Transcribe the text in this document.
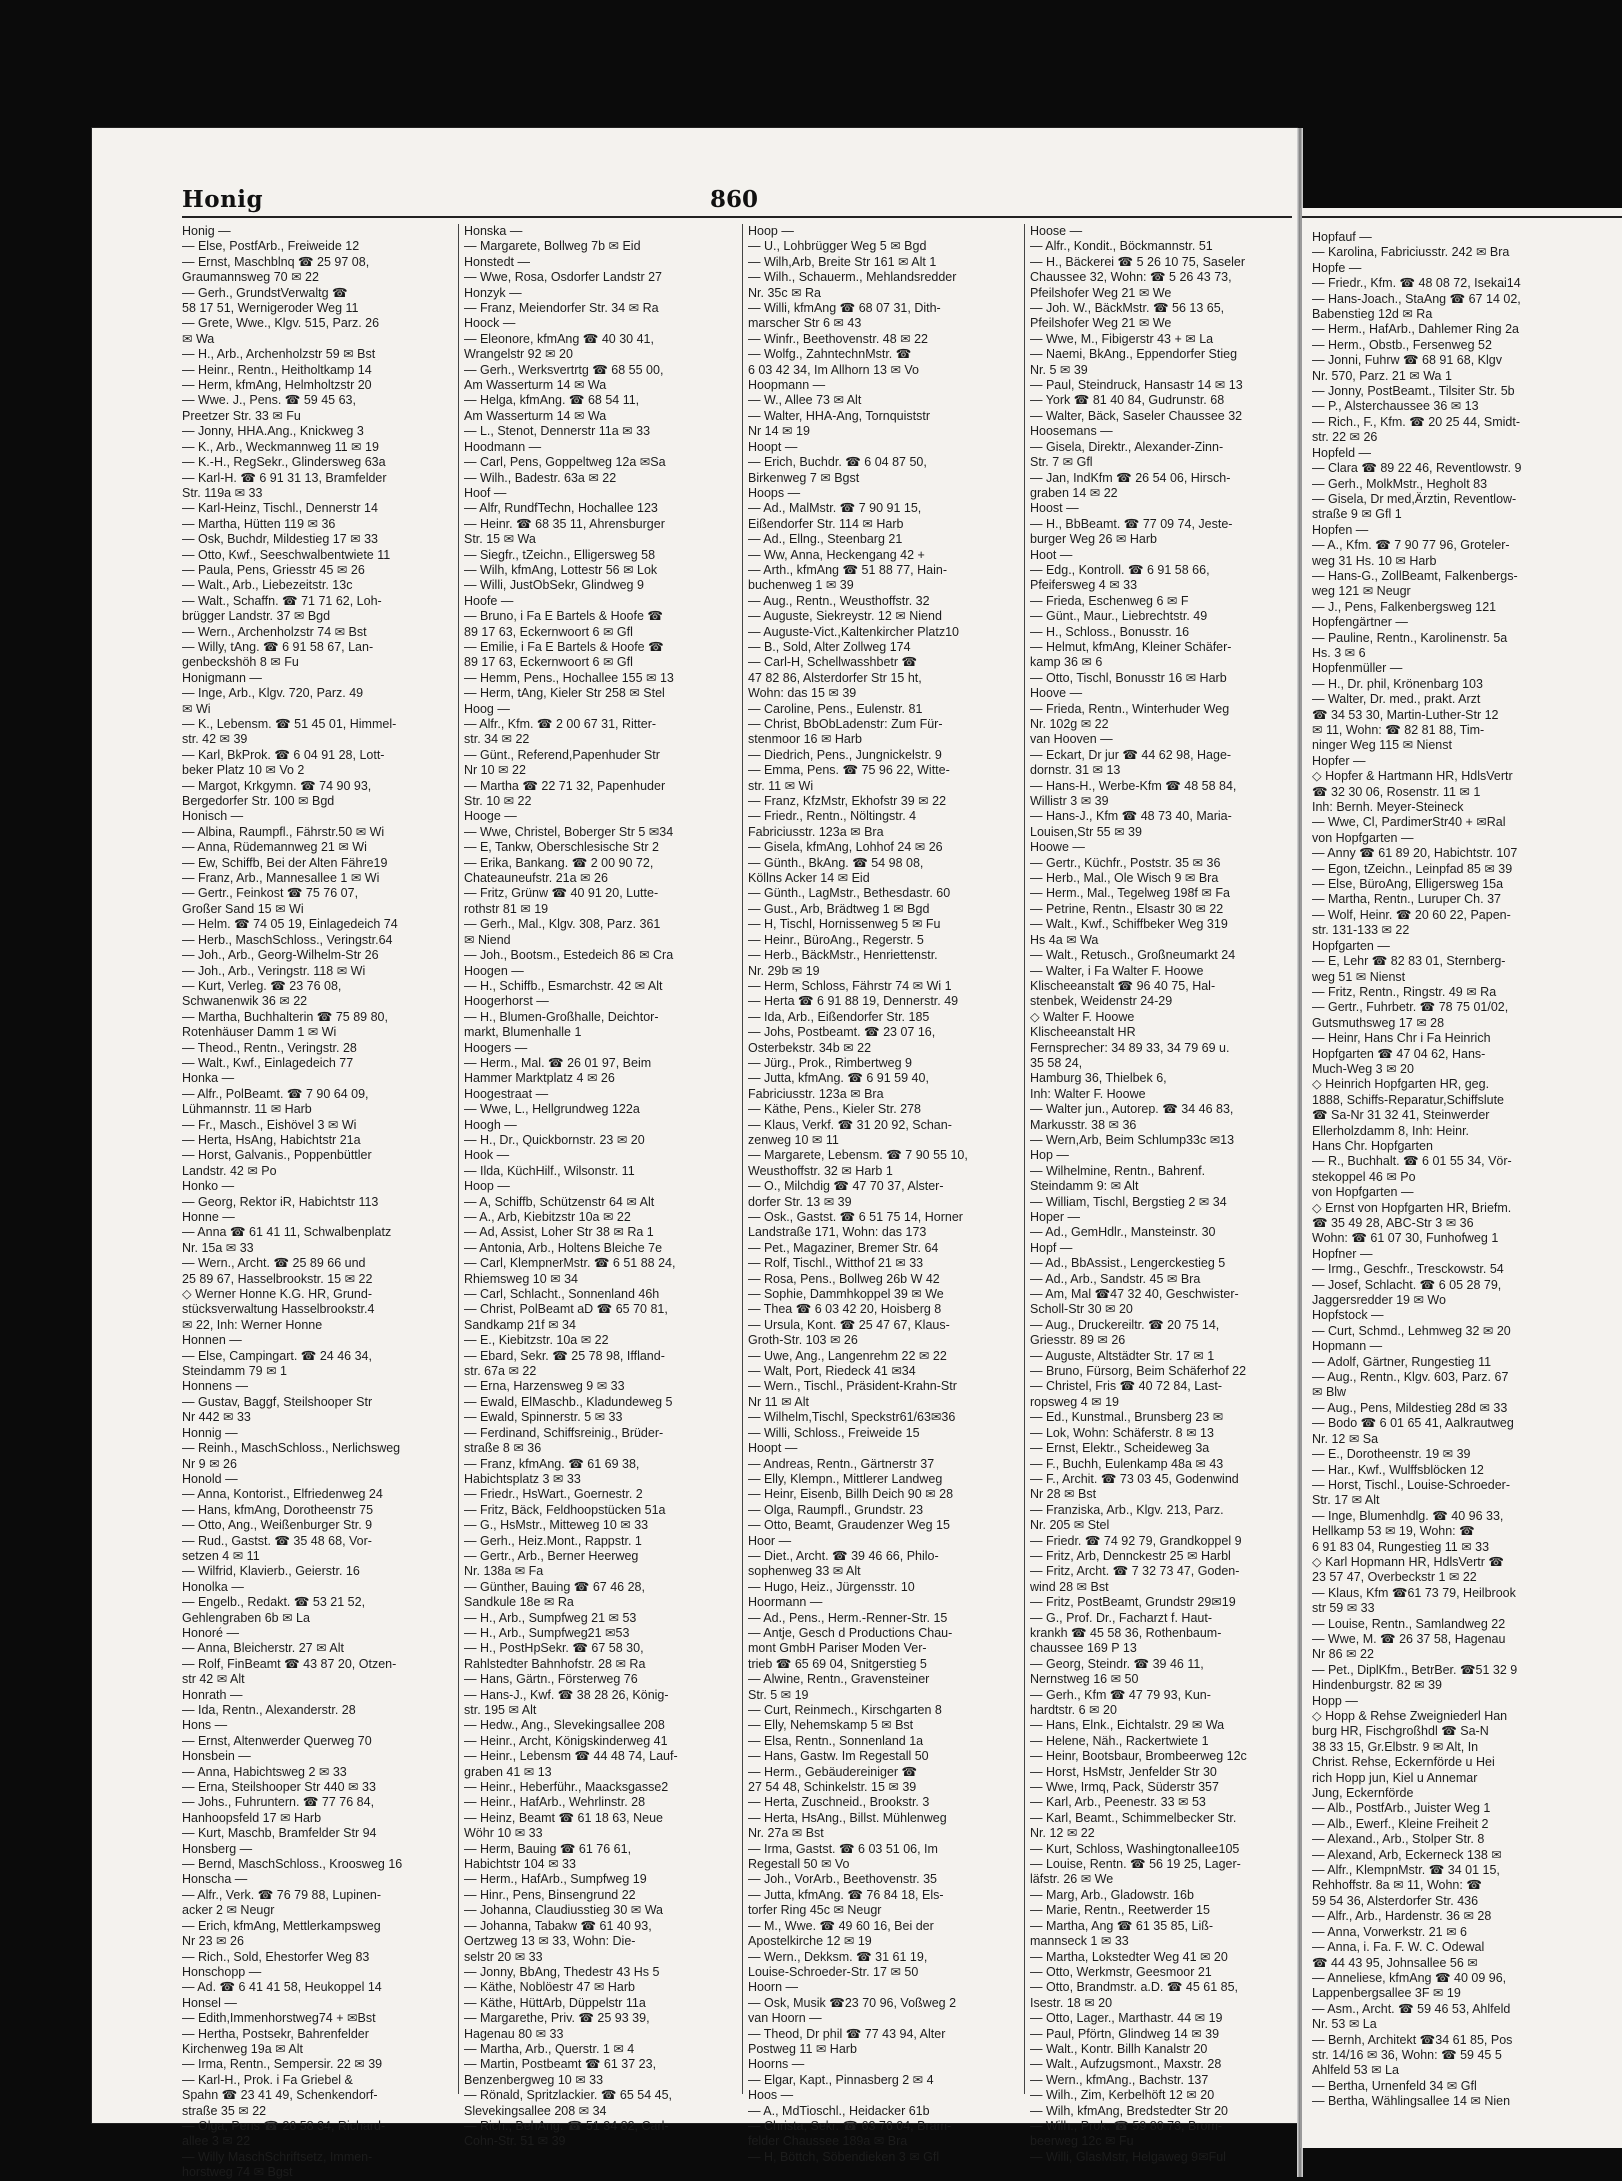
Honig	860
Honig —
— Else, PostfArb., Freiweide 12
— Ernst, Maschblnq ☎ 25 97 08,
Graumannsweg 70 ✉ 22
— Gerh., GrundstVerwaltg ☎
58 17 51, Wernigeroder Weg 11
— Grete, Wwe., Klgv. 515, Parz. 26
✉ Wa
— H., Arb., Archenholzstr 59 ✉ Bst
— Heinr., Rentn., Heitholtkamp 14
— Herm, kfmAng, Helmholtzstr 20
— Wwe. J., Pens. ☎ 59 45 63,
Preetzer Str. 33 ✉ Fu
— Jonny, HHA.Ang., Knickweg 3
— K., Arb., Weckmannweg 11 ✉ 19
— K.-H., RegSekr., Glindersweg 63a
— Karl-H. ☎ 6 91 31 13, Bramfelder
Str. 119a ✉ 33
— Karl-Heinz, Tischl., Dennerstr 14
— Martha, Hütten 119 ✉ 36
— Osk, Buchdr, Mildestieg 17 ✉ 33
— Otto, Kwf., Seeschwalbentwiete 11
— Paula, Pens, Griesstr 45 ✉ 26
— Walt., Arb., Liebezeitstr. 13c
— Walt., Schaffn. ☎ 71 71 62, Loh-
brügger Landstr. 37 ✉ Bgd
— Wern., Archenholzstr 74 ✉ Bst
— Willy, tAng. ☎ 6 91 58 67, Lan-
genbeckshöh 8 ✉ Fu
Honigmann —
— Inge, Arb., Klgv. 720, Parz. 49
✉ Wi
— K., Lebensm. ☎ 51 45 01, Himmel-
str. 42 ✉ 39
— Karl, BkProk. ☎ 6 04 91 28, Lott-
beker Platz 10 ✉ Vo 2
— Margot, Krkgymn. ☎ 74 90 93,
Bergedorfer Str. 100 ✉ Bgd
Honisch —
— Albina, Raumpfl., Fährstr.50 ✉ Wi
— Anna, Rüdemannweg 21 ✉ Wi
— Ew, Schiffb, Bei der Alten Fähre19
— Franz, Arb., Mannesallee 1 ✉ Wi
— Gertr., Feinkost ☎ 75 76 07,
Großer Sand 15 ✉ Wi
— Helm. ☎ 74 05 19, Einlagedeich 74
— Herb., MaschSchloss., Veringstr.64
— Joh., Arb., Georg-Wilhelm-Str 26
— Joh., Arb., Veringstr. 118 ✉ Wi
— Kurt, Verleg. ☎ 23 76 08,
Schwanenwik 36 ✉ 22
— Martha, Buchhalterin ☎ 75 89 80,
Rotenhäuser Damm 1 ✉ Wi
— Theod., Rentn., Veringstr. 28
— Walt., Kwf., Einlagedeich 77
Honka —
— Alfr., PolBeamt. ☎ 7 90 64 09,
Lühmannstr. 11 ✉ Harb
— Fr., Masch., Eishövel 3 ✉ Wi
— Herta, HsAng, Habichtstr 21a
— Horst, Galvanis., Poppenbüttler
Landstr. 42 ✉ Po
Honko —
— Georg, Rektor iR, Habichtstr 113
Honne —
— Anna ☎ 61 41 11, Schwalbenplatz
Nr. 15a ✉ 33
— Wern., Archt. ☎ 25 89 66 und
25 89 67, Hasselbrookstr. 15 ✉ 22
◇ Werner Honne K.G. HR, Grund-
stücksverwaltung Hasselbrookstr.4
✉ 22, Inh: Werner Honne
Honnen —
— Else, Campingart. ☎ 24 46 34,
Steindamm 79 ✉ 1
Honnens —
— Gustav, Baggf, Steilshooper Str
Nr 442 ✉ 33
Honnig —
— Reinh., MaschSchloss., Nerlichsweg
Nr 9 ✉ 26
Honold —
— Anna, Kontorist., Elfriedenweg 24
— Hans, kfmAng, Dorotheenstr 75
— Otto, Ang., Weißenburger Str. 9
— Rud., Gastst. ☎ 35 48 68, Vor-
setzen 4 ✉ 11
— Wilfrid, Klavierb., Geierstr. 16
Honolka —
— Engelb., Redakt. ☎ 53 21 52,
Gehlengraben 6b ✉ La
Honoré —
— Anna, Bleicherstr. 27 ✉ Alt
— Rolf, FinBeamt ☎ 43 87 20, Otzen-
str 42 ✉ Alt
Honrath —
— Ida, Rentn., Alexanderstr. 28
Hons —
— Ernst, Altenwerder Querweg 70
Honsbein —
— Anna, Habichtsweg 2 ✉ 33
— Erna, Steilshooper Str 440 ✉ 33
— Johs., Fuhruntern. ☎ 77 76 84,
Hanhoopsfeld 17 ✉ Harb
— Kurt, Maschb, Bramfelder Str 94
Honsberg —
— Bernd, MaschSchloss., Kroosweg 16
Honscha —
— Alfr., Verk. ☎ 76 79 88, Lupinen-
acker 2 ✉ Neugr
— Erich, kfmAng, Mettlerkampsweg
Nr 23 ✉ 26
— Rich., Sold, Ehestorfer Weg 83
Honschopp —
— Ad. ☎ 6 41 41 58, Heukoppel 14
Honsel —
— Edith,Immenhorstweg74 + ✉Bst
— Hertha, Postsekr, Bahrenfelder
Kirchenweg 19a ✉ Alt
— Irma, Rentn., Sempersir. 22 ✉ 39
— Karl-H., Prok. i Fa Griebel &
Spahn ☎ 23 41 49, Schenkendorf-
straße 35 ✉ 22
— Olga, Pens ☎ 26 58 34, Richard-
allee 3 ✉ 22
— Willy MaschSchriftsetz, Immen-
horstweg 74 ✉ Bgst
Honska —
— Margarete, Bollweg 7b ✉ Eid
Honstedt —
— Wwe, Rosa, Osdorfer Landstr 27
Honzyk —
— Franz, Meiendorfer Str. 34 ✉ Ra
Hoock —
— Eleonore, kfmAng ☎ 40 30 41,
Wrangelstr 92 ✉ 20
— Gerh., Werksvertrtg ☎ 68 55 00,
Am Wasserturm 14 ✉ Wa
— Helga, kfmAng. ☎ 68 54 11,
Am Wasserturm 14 ✉ Wa
— L., Stenot, Dennerstr 11a ✉ 33
Hoodmann —
— Carl, Pens, Goppeltweg 12a ✉Sa
— Wilh., Badestr. 63a ✉ 22
Hoof —
— Alfr, RundfTechn, Hochallee 123
— Heinr. ☎ 68 35 11, Ahrensburger
Str. 15 ✉ Wa
— Siegfr., tZeichn., Elligersweg 58
— Wilh, kfmAng, Lottestr 56 ✉ Lok
— Willi, JustObSekr, Glindweg 9
Hoofe —
— Bruno, i Fa E Bartels & Hoofe ☎
89 17 63, Eckernwoort 6 ✉ Gfl
— Emilie, i Fa E Bartels & Hoofe ☎
89 17 63, Eckernwoort 6 ✉ Gfl
— Hemm, Pens., Hochallee 155 ✉ 13
— Herm, tAng, Kieler Str 258 ✉ Stel
Hoog —
— Alfr., Kfm. ☎ 2 00 67 31, Ritter-
str. 34 ✉ 22
— Günt., Referend,Papenhuder Str
Nr 10 ✉ 22
— Martha ☎ 22 71 32, Papenhuder
Str. 10 ✉ 22
Hooge —
— Wwe, Christel, Boberger Str 5 ✉34
— E, Tankw, Oberschlesische Str 2
— Erika, Bankang. ☎ 2 00 90 72,
Chateauneufstr. 21a ✉ 26
— Fritz, Grünw ☎ 40 91 20, Lutte-
rothstr 81 ✉ 19
— Gerh., Mal., Klgv. 308, Parz. 361
✉ Niend
— Joh., Bootsm., Estedeich 86 ✉ Cra
Hoogen —
— H., Schiffb., Esmarchstr. 42 ✉ Alt
Hoogerhorst —
— H., Blumen-Großhalle, Deichtor-
markt, Blumenhalle 1
Hoogers —
— Herm., Mal. ☎ 26 01 97, Beim
Hammer Marktplatz 4 ✉ 26
Hoogestraat —
— Wwe, L., Hellgrundweg 122a
Hoogh —
— H., Dr., Quickbornstr. 23 ✉ 20
Hook —
— Ilda, KüchHilf., Wilsonstr. 11
Hoop —
— A, Schiffb, Schützenstr 64 ✉ Alt
— A., Arb, Kiebitzstr 10a ✉ 22
— Ad, Assist, Loher Str 38 ✉ Ra 1
— Antonia, Arb., Holtens Bleiche 7e
— Carl, KlempnerMstr. ☎ 6 51 88 24,
Rhiemsweg 10 ✉ 34
— Carl, Schlacht., Sonnenland 46h
— Christ, PolBeamt aD ☎ 65 70 81,
Sandkamp 21f ✉ 34
— E., Kiebitzstr. 10a ✉ 22
— Ebard, Sekr. ☎ 25 78 98, Iffland-
str. 67a ✉ 22
— Erna, Harzensweg 9 ✉ 33
— Ewald, ElMaschb., Kladundeweg 5
— Ewald, Spinnerstr. 5 ✉ 33
— Ferdinand, Schiffsreinig., Brüder-
straße 8 ✉ 36
— Franz, kfmAng. ☎ 61 69 38,
Habichtsplatz 3 ✉ 33
— Friedr., HsWart., Goernestr. 2
— Fritz, Bäck, Feldhoopstücken 51a
— G., HsMstr., Mitteweg 10 ✉ 33
— Gerh., Heiz.Mont., Rappstr. 1
— Gertr., Arb., Berner Heerweg
Nr. 138a ✉ Fa
— Günther, Bauing ☎ 67 46 28,
Sandkule 18e ✉ Ra
— H., Arb., Sumpfweg 21 ✉ 53
— H., Arb., Sumpfweg21 ✉53
— H., PostHpSekr. ☎ 67 58 30,
Rahlstedter Bahnhofstr. 28 ✉ Ra
— Hans, Gärtn., Försterweg 76
— Hans-J., Kwf. ☎ 38 28 26, König-
str. 195 ✉ Alt
— Hedw., Ang., Slevekingsallee 208
— Heinr., Archt, Königskinderweg 41
— Heinr., Lebensm ☎ 44 48 74, Lauf-
graben 41 ✉ 13
— Heinr., Heberführ., Maacksgasse2
— Heinr., HafArb., Wehrlinstr. 28
— Heinz, Beamt ☎ 61 18 63, Neue
Wöhr 10 ✉ 33
— Herm, Bauing ☎ 61 76 61,
Habichtstr 104 ✉ 33
— Herm., HafArb., Sumpfweg 19
— Hinr., Pens, Binsengrund 22
— Johanna, Claudiusstieg 30 ✉ Wa
— Johanna, Tabakw ☎ 61 40 93,
Oertzweg 13 ✉ 33, Wohn: Die-
selstr 20 ✉ 33
— Jonny, BbAng, Thedestr 43 Hs 5
— Käthe, Noblöestr 47 ✉ Harb
— Käthe, HüttArb, Düppelstr 11a
— Margarethe, Priv. ☎ 25 93 39,
Hagenau 80 ✉ 33
— Martha, Arb., Querstr. 1 ✉ 4
— Martin, Postbeamt ☎ 61 37 23,
Benzenbergweg 10 ✉ 33
— Rönald, Spritzlackier. ☎ 65 54 45,
Slevekingsallee 208 ✉ 34
— Rich., BehAng. ☎ 51 34 82, Carl-
Cohn-Str. 51 ✉ 39
Hoop —
— U., Lohbrügger Weg 5 ✉ Bgd
— Wilh,Arb, Breite Str 161 ✉ Alt 1
— Wilh., Schauerm., Mehlandsredder
Nr. 35c ✉ Ra
— Willi, kfmAng ☎ 68 07 31, Dith-
marscher Str 6 ✉ 43
— Winfr., Beethovenstr. 48 ✉ 22
— Wolfg., ZahntechnMstr. ☎
6 03 42 34, Im Allhorn 13 ✉ Vo
Hoopmann —
— W., Allee 73 ✉ Alt
— Walter, HHA-Ang, Tornquiststr
Nr 14 ✉ 19
Hoopt —
— Erich, Buchdr. ☎ 6 04 87 50,
Birkenweg 7 ✉ Bgst
Hoops —
— Ad., MalMstr. ☎ 7 90 91 15,
Eißendorfer Str. 114 ✉ Harb
— Ad., Ellng., Steenbarg 21
— Ww, Anna, Heckengang 42 +
— Arth., kfmAng ☎ 51 88 77, Hain-
buchenweg 1 ✉ 39
— Aug., Rentn., Weusthoffstr. 32
— Auguste, Siekreystr. 12 ✉ Niend
— Auguste-Vict.,Kaltenkircher Platz10
— B., Sold, Alter Zollweg 174
— Carl-H, Schellwasshbetr ☎
47 82 86, Alsterdorfer Str 15 ht,
Wohn: das 15 ✉ 39
— Caroline, Pens., Eulenstr. 81
— Christ, BbObLadenstr: Zum Für-
stenmoor 16 ✉ Harb
— Diedrich, Pens., Jungnickelstr. 9
— Emma, Pens. ☎ 75 96 22, Witte-
str. 11 ✉ Wi
— Franz, KfzMstr, Ekhofstr 39 ✉ 22
— Friedr., Rentn., Nöltingstr. 4
Fabriciusstr. 123a ✉ Bra
— Gisela, kfmAng, Lohhof 24 ✉ 26
— Günth., BkAng. ☎ 54 98 08,
Köllns Acker 14 ✉ Eid
— Günth., LagMstr., Bethesdastr. 60
— Gust., Arb, Brädtweg 1 ✉ Bgd
— H, Tischl, Hornissenweg 5 ✉ Fu
— Heinr., BüroAng., Regerstr. 5
— Herb., BäckMstr., Henriettenstr.
Nr. 29b ✉ 19
— Herm, Schloss, Fährstr 74 ✉ Wi 1
— Herta ☎ 6 91 88 19, Dennerstr. 49
— Ida, Arb., Eißendorfer Str. 185
— Johs, Postbeamt. ☎ 23 07 16,
Osterbekstr. 34b ✉ 22
— Jürg., Prok., Rimbertweg 9
— Jutta, kfmAng. ☎ 6 91 59 40,
Fabriciusstr. 123a ✉ Bra
— Käthe, Pens., Kieler Str. 278
— Klaus, Verkf. ☎ 31 20 92, Schan-
zenweg 10 ✉ 11
— Margarete, Lebensm. ☎ 7 90 55 10,
Weusthoffstr. 32 ✉ Harb 1
— O., Milchdig ☎ 47 70 37, Alster-
dorfer Str. 13 ✉ 39
— Osk., Gastst. ☎ 6 51 75 14, Horner
Landstraße 171, Wohn: das 173
— Pet., Magaziner, Bremer Str. 64
— Rolf, Tischl., Witthof 21 ✉ 33
— Rosa, Pens., Bollweg 26b W 42
— Sophie, Dammhkoppel 39 ✉ We
— Thea ☎ 6 03 42 20, Hoisberg 8
— Ursula, Kont. ☎ 25 47 67, Klaus-
Groth-Str. 103 ✉ 26
— Uwe, Ang., Langenrehm 22 ✉ 22
— Walt, Port, Riedeck 41 ✉34
— Wern., Tischl., Präsident-Krahn-Str
Nr 11 ✉ Alt
— Wilhelm,Tischl, Speckstr61/63✉36
— Willi, Schloss., Freiweide 15
Hoopt —
— Andreas, Rentn., Gärtnerstr 37
— Elly, Klempn., Mittlerer Landweg
— Heinr, Eisenb, Billh Deich 90 ✉ 28
— Olga, Raumpfl., Grundstr. 23
— Otto, Beamt, Graudenzer Weg 15
Hoor —
— Diet., Archt. ☎ 39 46 66, Philo-
sophenweg 33 ✉ Alt
— Hugo, Heiz., Jürgensstr. 10
Hoormann —
— Ad., Pens., Herm.-Renner-Str. 15
— Antje, Gesch d Productions Chau-
mont GmbH Pariser Moden Ver-
trieb ☎ 65 69 04, Snitgerstieg 5
— Alwine, Rentn., Gravensteiner
Str. 5 ✉ 19
— Curt, Reinmech., Kirschgarten 8
— Elly, Nehemskamp 5 ✉ Bst
— Elsa, Rentn., Sonnenland 1a
— Hans, Gastw. Im Regestall 50
— Herm., Gebäudereiniger ☎
27 54 48, Schinkelstr. 15 ✉ 39
— Herta, Zuschneid., Brookstr. 3
— Herta, HsAng., Billst. Mühlenweg
Nr. 27a ✉ Bst
— Irma, Gastst. ☎ 6 03 51 06, Im
Regestall 50 ✉ Vo
— Joh., VorArb., Beethovenstr. 35
— Jutta, kfmAng. ☎ 76 84 18, Els-
torfer Ring 45c ✉ Neugr
— M., Wwe. ☎ 49 60 16, Bei der
Apostelkirche 12 ✉ 19
— Wern., Dekksm. ☎ 31 61 19,
Louise-Schroeder-Str. 17 ✉ 50
Hoorn —
— Osk, Musik ☎23 70 96, Voßweg 2
van Hoorn —
— Theod, Dr phil ☎ 77 43 94, Alter
Postweg 11 ✉ Harb
Hoorns —
— Elgar, Kapt., Pinnasberg 2 ✉ 4
Hoos —
— A., MdTioschl., Heidacker 61b
— Christa, Sekr. ☎ 63 76 04, Bram-
felder Chaussee 189a ✉ Bra
— H, Böttch, Söbendieken 3 ✉ Gfl
Hoose —
— Alfr., Kondit., Böckmannstr. 51
— H., Bäckerei ☎ 5 26 10 75, Saseler
Chaussee 32, Wohn: ☎ 5 26 43 73,
Pfeilshofer Weg 21 ✉ We
— Joh. W., BäckMstr. ☎ 56 13 65,
Pfeilshofer Weg 21 ✉ We
— Wwe, M., Fibigerstr 43 + ✉ La
— Naemi, BkAng., Eppendorfer Stieg
Nr. 5 ✉ 39
— Paul, Steindruck, Hansastr 14 ✉ 13
— York ☎ 81 40 84, Gudrunstr. 68
— Walter, Bäck, Saseler Chaussee 32
Hoosemans —
— Gisela, Direktr., Alexander-Zinn-
Str. 7 ✉ Gfl
— Jan, IndKfm ☎ 26 54 06, Hirsch-
graben 14 ✉ 22
Hoost —
— H., BbBeamt. ☎ 77 09 74, Jeste-
burger Weg 26 ✉ Harb
Hoot —
— Edg., Kontroll. ☎ 6 91 58 66,
Pfeifersweg 4 ✉ 33
— Frieda, Eschenweg 6 ✉ F
— Günt., Maur., Liebrechtstr. 49
— H., Schloss., Bonusstr. 16
— Helmut, kfmAng, Kleiner Schäfer-
kamp 36 ✉ 6
— Otto, Tischl, Bonusstr 16 ✉ Harb
Hoove —
— Frieda, Rentn., Winterhuder Weg
Nr. 102g ✉ 22
van Hooven —
— Eckart, Dr jur ☎ 44 62 98, Hage-
dornstr. 31 ✉ 13
— Hans-H., Werbe-Kfm ☎ 48 58 84,
Willistr 3 ✉ 39
— Hans-J., Kfm ☎ 48 73 40, Maria-
Louisen,Str 55 ✉ 39
Hoowe —
— Gertr., Küchfr., Poststr. 35 ✉ 36
— Herb., Mal., Ole Wisch 9 ✉ Bra
— Herm., Mal., Tegelweg 198f ✉ Fa
— Petrine, Rentn., Elsastr 30 ✉ 22
— Walt., Kwf., Schiffbeker Weg 319
Hs 4a ✉ Wa
— Walt., Retusch., Großneumarkt 24
— Walter, i Fa Walter F. Hoowe
Klischeeanstalt ☎ 96 40 75, Hal-
stenbek, Weidenstr 24-29
◇ Walter F. Hoowe
Klischeeanstalt HR
Fernsprecher: 34 89 33, 34 79 69 u.
35 58 24,
Hamburg 36, Thielbek 6,
Inh: Walter F. Hoowe
— Walter jun., Autorep. ☎ 34 46 83,
Markusstr. 38 ✉ 36
— Wern,Arb, Beim Schlump33c ✉13
Hop —
— Wilhelmine, Rentn., Bahrenf.
Steindamm 9: ✉ Alt
— William, Tischl, Bergstieg 2 ✉ 34
Hoper —
— Ad., GemHdlr., Mansteinstr. 30
Hopf —
— Ad., BbAssist., Lengerckestieg 5
— Ad., Arb., Sandstr. 45 ✉ Bra
— Am, Mal ☎47 32 40, Geschwister-
Scholl-Str 30 ✉ 20
— Aug., Druckereiltr. ☎ 20 75 14,
Griesstr. 89 ✉ 26
— Auguste, Altstädter Str. 17 ✉ 1
— Bruno, Fürsorg, Beim Schäferhof 22
— Christel, Fris ☎ 40 72 84, Last-
ropsweg 4 ✉ 19
— Ed., Kunstmal., Brunsberg 23 ✉
— Lok, Wohn: Schäferstr. 8 ✉ 13
— Ernst, Elektr., Scheideweg 3a
— F., Buchh, Eulenkamp 48a ✉ 43
— F., Archit. ☎ 73 03 45, Godenwind
Nr 28 ✉ Bst
— Franziska, Arb., Klgv. 213, Parz.
Nr. 205 ✉ Stel
— Friedr. ☎ 74 92 79, Grandkoppel 9
— Fritz, Arb, Dennckestr 25 ✉ Harbl
— Fritz, Archt. ☎ 7 32 73 47, Goden-
wind 28 ✉ Bst
— Fritz, PostBeamt, Grundstr 29✉19
— G., Prof. Dr., Facharzt f. Haut-
krankh ☎ 45 58 36, Rothenbaum-
chaussee 169 P 13
— Georg, Steindr. ☎ 39 46 11,
Nernstweg 16 ✉ 50
— Gerh., Kfm ☎ 47 79 93, Kun-
hardtstr. 6 ✉ 20
— Hans, Elnk., Eichtalstr. 29 ✉ Wa
— Helene, Näh., Rackertwiete 1
— Heinr, Bootsbaur, Brombeerweg 12c
— Horst, HsMstr, Jenfelder Str 30
— Wwe, Irmq, Pack, Süderstr 357
— Karl, Arb., Peenestr. 33 ✉ 53
— Karl, Beamt., Schimmelbecker Str.
Nr. 12 ✉ 22
— Kurt, Schloss, Washingtonallee105
— Louise, Rentn. ☎ 56 19 25, Lager-
läfstr. 26 ✉ We
— Marg, Arb., Gladowstr. 16b
— Marie, Rentn., Reetwerder 15
— Martha, Ang ☎ 61 35 85, Liß-
mannseck 1 ✉ 33
— Martha, Lokstedter Weg 41 ✉ 20
— Otto, Werkmstr, Geesmoor 21
— Otto, Brandmstr. a.D. ☎ 45 61 85,
Isestr. 18 ✉ 20
— Otto, Lager., Marthastr. 44 ✉ 19
— Paul, Pförtn, Glindweg 14 ✉ 39
— Walt., Kontr. Billh Kanalstr 20
— Walt., Aufzugsmont., Maxstr. 28
— Wern., kfmAng., Bachstr. 137
— Wilh., Zim, Kerbelhöft 12 ✉ 20
— Wilh, kfmAng, Bredstedter Str 20
— Wilh., Prok. ☎ 59 80 73, Brom-
beerweg 12c ✉ Fu
— Willi, GlasMstr, Helgaweg 9✉Ful
Hopfauf —
— Karolina, Fabriciusstr. 242 ✉ Bra
Hopfe —
— Friedr., Kfm. ☎ 48 08 72, Isekai14
— Hans-Joach., StaAng ☎ 67 14 02,
Babenstieg 12d ✉ Ra
— Herm., HafArb., Dahlemer Ring 2a
— Herm., Obstb., Fersenweg 52
— Jonni, Fuhrw ☎ 68 91 68, Klgv
Nr. 570, Parz. 21 ✉ Wa 1
— Jonny, PostBeamt., Tilsiter Str. 5b
— P., Alsterchaussee 36 ✉ 13
— Rich., F., Kfm. ☎ 20 25 44, Smidt-
str. 22 ✉ 26
Hopfeld —
— Clara ☎ 89 22 46, Reventlowstr. 9
— Gerh., MolkMstr., Hegholt 83
— Gisela, Dr med,Ärztin, Reventlow-
straße 9 ✉ Gfl 1
Hopfen —
— A., Kfm. ☎ 7 90 77 96, Groteler-
weg 31 Hs. 10 ✉ Harb
— Hans-G., ZollBeamt, Falkenbergs-
weg 121 ✉ Neugr
— J., Pens, Falkenbergsweg 121
Hopfengärtner —
— Pauline, Rentn., Karolinenstr. 5a
Hs. 3 ✉ 6
Hopfenmüller —
— H., Dr. phil, Krönenbarg 103
— Walter, Dr. med., prakt. Arzt
☎ 34 53 30, Martin-Luther-Str 12
✉ 11, Wohn: ☎ 82 81 88, Tim-
ninger Weg 115 ✉ Nienst
Hopfer —
◇ Hopfer & Hartmann HR, HdlsVertr
☎ 32 30 06, Rosenstr. 11 ✉ 1
Inh: Bernh. Meyer-Steineck
— Wwe, Cl, PardimerStr40 + ✉Ral
von Hopfgarten —
— Anny ☎ 61 89 20, Habichtstr. 107
— Egon, tZeichn., Leinpfad 85 ✉ 39
— Else, BüroAng, Elligersweg 15a
— Martha, Rentn., Luruper Ch. 37
— Wolf, Heinr. ☎ 20 60 22, Papen-
str. 131-133 ✉ 22
Hopfgarten —
— E, Lehr ☎ 82 83 01, Sternberg-
weg 51 ✉ Nienst
— Fritz, Rentn., Ringstr. 49 ✉ Ra
— Gertr., Fuhrbetr. ☎ 78 75 01/02,
Gutsmuthsweg 17 ✉ 28
— Heinr, Hans Chr i Fa Heinrich
Hopfgarten ☎ 47 04 62, Hans-
Much-Weg 3 ✉ 20
◇ Heinrich Hopfgarten HR, geg.
1888, Schiffs-Reparatur,Schiffslute
☎ Sa-Nr 31 32 41, Steinwerder
Ellerholzdamm 8, Inh: Heinr.
Hans Chr. Hopfgarten
— R., Buchhalt. ☎ 6 01 55 34, Vör-
stekoppel 46 ✉ Po
von Hopfgarten —
◇ Ernst von Hopfgarten HR, Briefm.
☎ 35 49 28, ABC-Str 3 ✉ 36
Wohn: ☎ 61 07 30, Funhofweg 1
Hopfner —
— Irmg., Geschfr., Tresckowstr. 54
— Josef, Schlacht. ☎ 6 05 28 79,
Jaggersredder 19 ✉ Wo
Hopfstock —
— Curt, Schmd., Lehmweg 32 ✉ 20
Hopmann —
— Adolf, Gärtner, Rungestieg 11
— Aug., Rentn., Klgv. 603, Parz. 67
✉ Blw
— Aug., Pens, Mildestieg 28d ✉ 33
— Bodo ☎ 6 01 65 41, Aalkrautweg
Nr. 12 ✉ Sa
— E., Dorotheenstr. 19 ✉ 39
— Har., Kwf., Wulffsblöcken 12
— Horst, Tischl., Louise-Schroeder-
Str. 17 ✉ Alt
— Inge, Blumenhdlg. ☎ 40 96 33,
Hellkamp 53 ✉ 19, Wohn: ☎
6 91 83 04, Rungestieg 11 ✉ 33
◇ Karl Hopmann HR, HdlsVertr ☎
23 57 47, Overbeckstr 1 ✉ 22
— Klaus, Kfm ☎61 73 79, Heilbrook
str 59 ✉ 33
— Louise, Rentn., Samlandweg 22
— Wwe, M. ☎ 26 37 58, Hagenau
Nr 86 ✉ 22
— Pet., DiplKfm., BetrBer. ☎51 32 9
Hindenburgstr. 82 ✉ 39
Hopp —
◇ Hopp & Rehse Zweigniederl Han
burg HR, Fischgroßhdl ☎ Sa-N
38 33 15, Gr.Elbstr. 9 ✉ Alt, In
Christ. Rehse, Eckernförde u Hei
rich Hopp jun, Kiel u Annemar
Jung, Eckernförde
— Alb., PostfArb., Juister Weg 1
— Alb., Ewerf., Kleine Freiheit 2
— Alexand., Arb., Stolper Str. 8
— Alexand, Arb, Eckerneck 138 ✉
— Alfr., KlempnMstr. ☎ 34 01 15,
Rehhoffstr. 8a ✉ 11, Wohn: ☎
59 54 36, Alsterdorfer Str. 436
— Alfr., Arb., Hardenstr. 36 ✉ 28
— Anna, Vorwerkstr. 21 ✉ 6
— Anna, i. Fa. F. W. C. Odewal
☎ 44 43 95, Johnsallee 56 ✉
— Anneliese, kfmAng ☎ 40 09 96,
Lappenbergsallee 3F ✉ 19
— Asm., Archt. ☎ 59 46 53, Ahlfeld
Nr. 53 ✉ La
— Bernh, Architekt ☎34 61 85, Pos
str. 14/16 ✉ 36, Wohn: ☎ 59 45 5
Ahlfeld 53 ✉ La
— Bertha, Urnenfeld 34 ✉ Gfl
— Bertha, Wählingsallee 14 ✉ Nien
